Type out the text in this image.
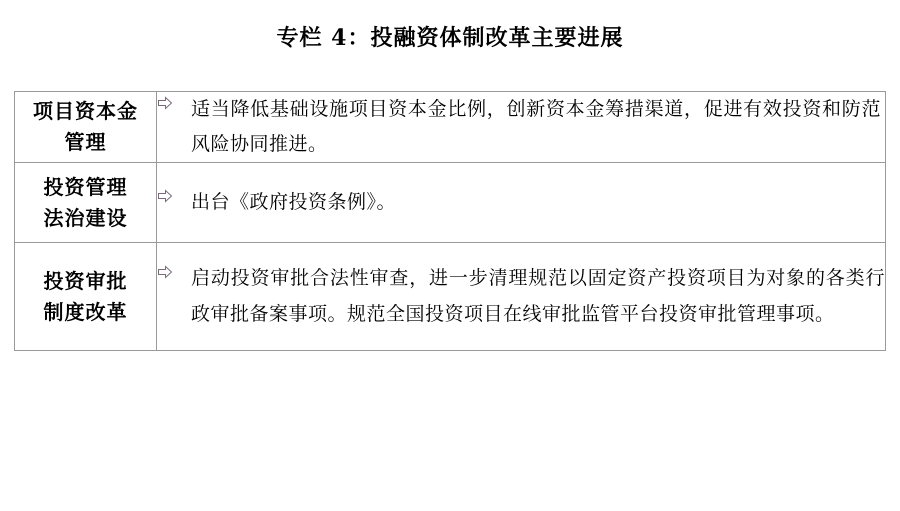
专栏 4：投融资体制改革主要进展
项目资本金
管理	适当降低基础设施项目资本金比例，创新资本金筹措渠道，促进有效投资和防范风险协同推进。

投资管理
法治建设	出台《政府投资条例》。

投资审批
制度改革	启动投资审批合法性审查，进一步清理规范以固定资产投资项目为对象的各类行政审批备案事项。规范全国投资项目在线审批监管平台投资审批管理事项。
